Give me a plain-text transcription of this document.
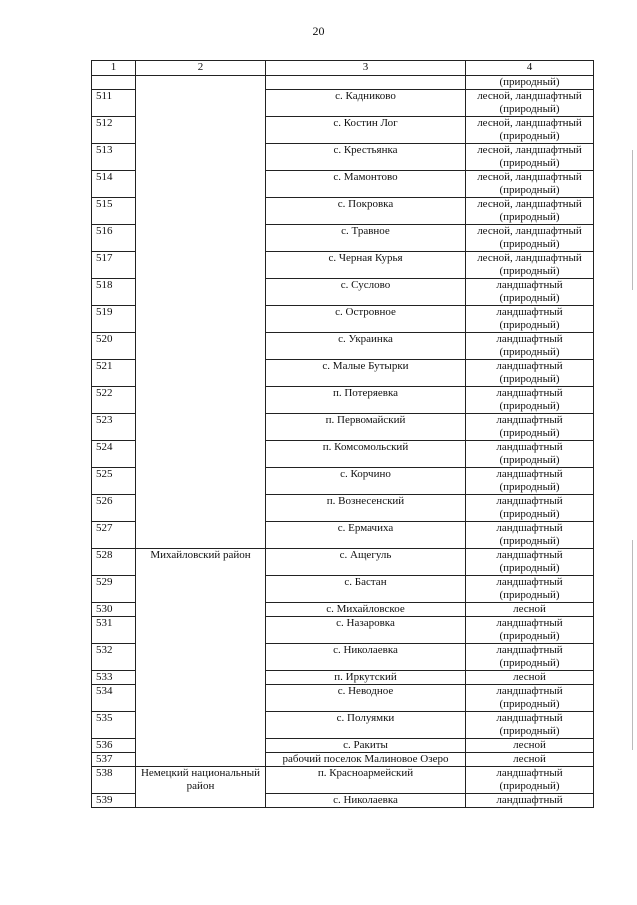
20
1	2	3	4
			(природный)
511		с. Кадниково	лесной, ландшафтный (природный)
512		с. Костин Лог	лесной, ландшафтный (природный)
513		с. Крестьянка	лесной, ландшафтный (природный)
514		с. Мамонтово	лесной, ландшафтный (природный)
515		с. Покровка	лесной, ландшафтный (природный)
516		с. Травное	лесной, ландшафтный (природный)
517		с. Черная Курья	лесной, ландшафтный (природный)
518		с. Суслово	ландшафтный (природный)
519		с. Островное	ландшафтный (природный)
520		с. Украинка	ландшафтный (природный)
521		с. Малые Бутырки	ландшафтный (природный)
522		п. Потеряевка	ландшафтный (природный)
523		п. Первомайский	ландшафтный (природный)
524		п. Комсомольский	ландшафтный (природный)
525		с. Корчино	ландшафтный (природный)
526		п. Вознесенский	ландшафтный (природный)
527		с. Ермачиха	ландшафтный (природный)
528	Михайловский район	с. Ащегуль	ландшафтный (природный)
529		с. Бастан	ландшафтный (природный)
530		с. Михайловское	лесной
531		с. Назаровка	ландшафтный (природный)
532		с. Николаевка	ландшафтный (природный)
533		п. Иркутский	лесной
534		с. Неводное	ландшафтный (природный)
535		с. Полуямки	ландшафтный (природный)
536		с. Ракиты	лесной
537		рабочий поселок Малиновое Озеро	лесной
538	Немецкий национальный район	п. Красноармейский	ландшафтный (природный)
539		с. Николаевка	ландшафтный
